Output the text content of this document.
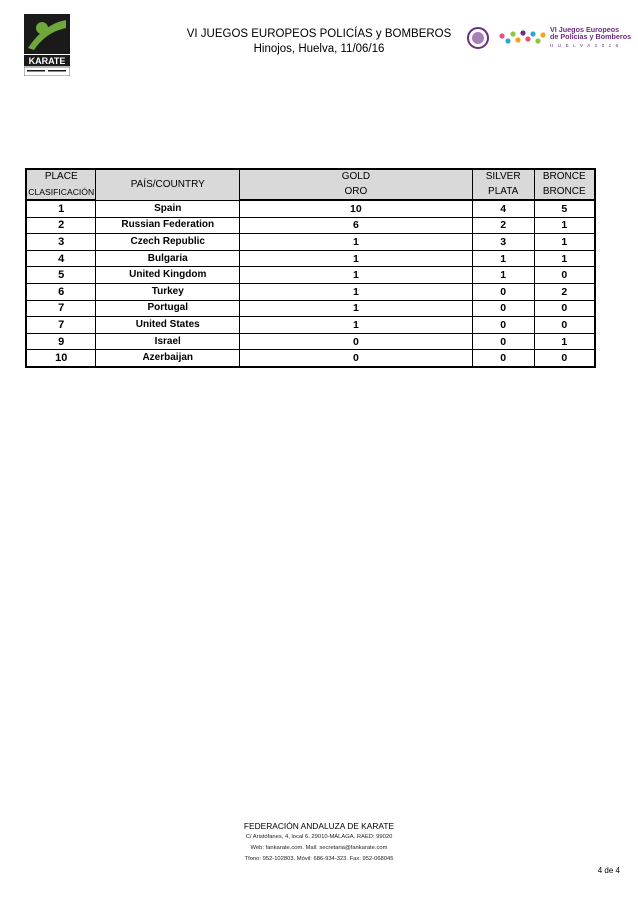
KARATE
VI JUEGOS EUROPEOS POLICÍAS y BOMBEROS
Hinojos, Huelva, 11/06/16
VI Juegos Europeos
de Policías y Bomberos
H U E L V A 2 0 1 6
PLACE	PAÍS/COUNTRY	GOLD	SILVER	BRONCE
CLASIFICACIÓN		ORO	PLATA	BRONCE
1	Spain	10	4	5
2	Russian Federation	6	2	1
3	Czech Republic	1	3	1
4	Bulgaria	1	1	1
5	United Kingdom	1	1	0
6	Turkey	1	0	2
7	Portugal	1	0	0
7	United States	1	0	0
9	Israel	0	0	1
10	Azerbaijan	0	0	0
FEDERACIÓN ANDALUZA DE KARATE
C/ Aristófanes, 4, local 6. 29010-MÁLAGA. RAED: 99020
Web: fankarate.com. Mail: secretaria@fankarate.com
Tfono: 952-102803. Móvil: 686-934-323. Fax: 952-068045
4 de 4
